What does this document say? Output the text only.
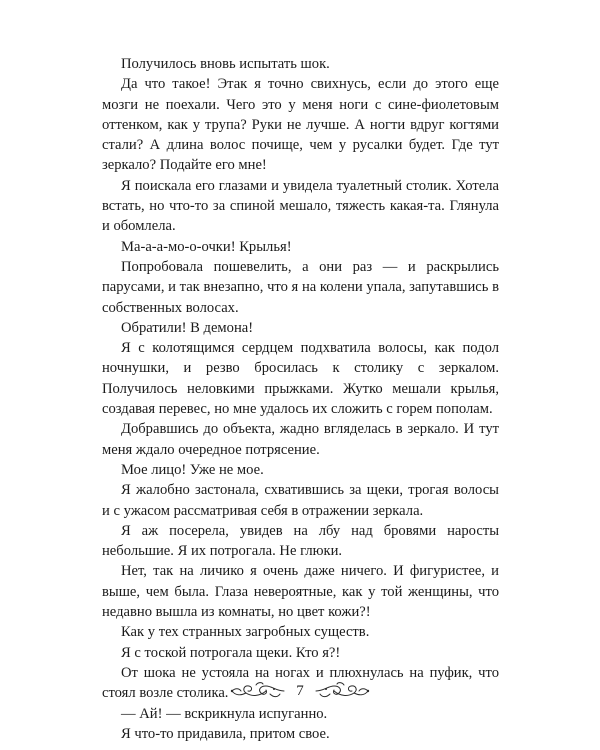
Получилось вновь испытать шок.

Да что такое! Этак я точно свихнусь, если до этого еще мозги не поехали. Чего это у меня ноги с сине-фиолетовым оттенком, как у трупа? Руки не лучше. А ногти вдруг когтями стали? А длина волос почище, чем у русалки будет. Где тут зеркало? Подайте его мне!

Я поискала его глазами и увидела туалетный столик. Хотела встать, но что-то за спиной мешало, тяжесть какая-та. Глянула и обомлела.

Ма-а-а-мо-о-очки! Крылья!

Попробовала пошевелить, а они раз — и раскрылись парусами, и так внезапно, что я на колени упала, запутавшись в собственных волосах.

Обратили! В демона!

Я с колотящимся сердцем подхватила волосы, как подол ночнушки, и резво бросилась к столику с зеркалом. Получилось неловкими прыжками. Жутко мешали крылья, создавая перевес, но мне удалось их сложить с горем пополам.

Добравшись до объекта, жадно вгляделась в зеркало. И тут меня ждало очередное потрясение.

Мое лицо! Уже не мое.

Я жалобно застонала, схватившись за щеки, трогая волосы и с ужасом рассматривая себя в отражении зеркала.

Я аж посерела, увидев на лбу над бровями наросты небольшие. Я их потрогала. Не глюки.

Нет, так на личико я очень даже ничего. И фигуристее, и выше, чем была. Глаза невероятные, как у той женщины, что недавно вышла из комнаты, но цвет кожи?!

Как у тех странных загробных существ.

Я с тоской потрогала щеки. Кто я?!

От шока не устояла на ногах и плюхнулась на пуфик, что стоял возле столика.

— Ай! — вскрикнула испуганно.

Я что-то придавила, притом свое.

7
